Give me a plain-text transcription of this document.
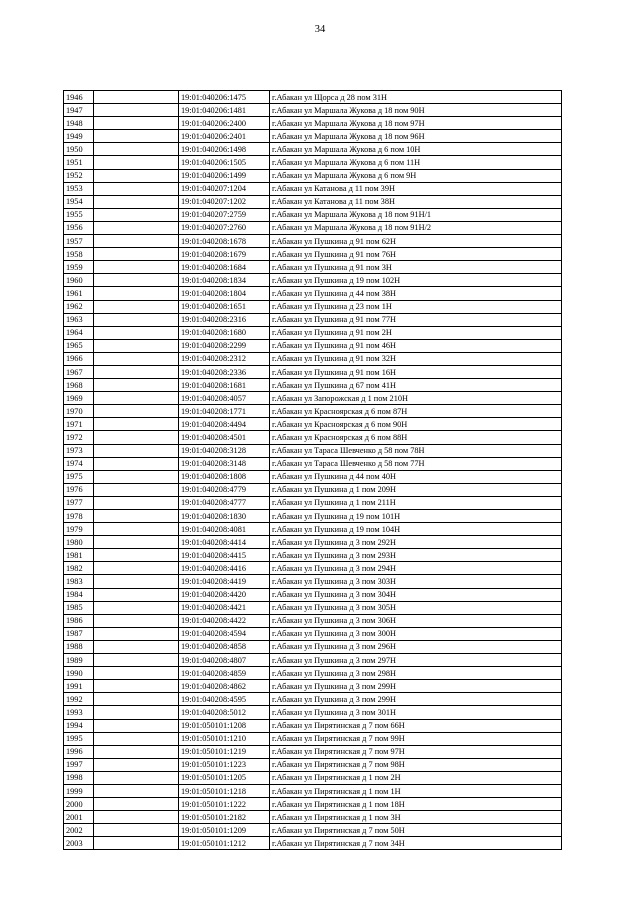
34
1946		19:01:040206:1475	г.Абакан ул Щорса д 28 пом 31Н
1947		19:01:040206:1481	г.Абакан ул Маршала Жукова д 18 пом 90Н
1948		19:01:040206:2400	г.Абакан ул Маршала Жукова д 18 пом 97Н
1949		19:01:040206:2401	г.Абакан ул Маршала Жукова д 18 пом 96Н
1950		19:01:040206:1498	г.Абакан ул Маршала Жукова д 6 пом 10Н
1951		19:01:040206:1505	г.Абакан ул Маршала Жукова д 6 пом 11Н
1952		19:01:040206:1499	г.Абакан ул Маршала Жукова д 6 пом 9Н
1953		19:01:040207:1204	г.Абакан ул Катанова д 11 пом 39Н
1954		19:01:040207:1202	г.Абакан ул Катанова д 11 пом 38Н
1955		19:01:040207:2759	г.Абакан ул Маршала Жукова д 18 пом 91Н/1
1956		19:01:040207:2760	г.Абакан ул Маршала Жукова д 18 пом 91Н/2
1957		19:01:040208:1678	г.Абакан ул Пушкина д 91 пом 62Н
1958		19:01:040208:1679	г.Абакан ул Пушкина д 91 пом 76Н
1959		19:01:040208:1684	г.Абакан ул Пушкина д 91 пом 3Н
1960		19:01:040208:1834	г.Абакан ул Пушкина д 19 пом 102Н
1961		19:01:040208:1804	г.Абакан ул Пушкина д 44 пом 38Н
1962		19:01:040208:1651	г.Абакан ул Пушкина д 23 пом 1Н
1963		19:01:040208:2316	г.Абакан ул Пушкина д 91 пом 77Н
1964		19:01:040208:1680	г.Абакан ул Пушкина д 91 пом 2Н
1965		19:01:040208:2299	г.Абакан ул Пушкина д 91 пом 46Н
1966		19:01:040208:2312	г.Абакан ул Пушкина д 91 пом 32Н
1967		19:01:040208:2336	г.Абакан ул Пушкина д 91 пом 16Н
1968		19:01:040208:1681	г.Абакан ул Пушкина д 67 пом 41Н
1969		19:01:040208:4057	г.Абакан ул Запорожская д 1 пом 210Н
1970		19:01:040208:1771	г.Абакан ул Красноярская д 6 пом 87Н
1971		19:01:040208:4494	г.Абакан ул Красноярская д 6 пом 90Н
1972		19:01:040208:4501	г.Абакан ул Красноярская д 6 пом 88Н
1973		19:01:040208:3128	г.Абакан ул Тараса Шевченко д 58 пом 78Н
1974		19:01:040208:3148	г.Абакан ул Тараса Шевченко д 58 пом 77Н
1975		19:01:040208:1808	г.Абакан ул Пушкина д 44 пом 40Н
1976		19:01:040208:4779	г.Абакан ул Пушкина д 1 пом 209Н
1977		19:01:040208:4777	г.Абакан ул Пушкина д 1 пом 211Н
1978		19:01:040208:1830	г.Абакан ул Пушкина д 19 пом 101Н
1979		19:01:040208:4081	г.Абакан ул Пушкина д 19 пом 104Н
1980		19:01:040208:4414	г.Абакан ул Пушкина д 3 пом 292Н
1981		19:01:040208:4415	г.Абакан ул Пушкина д 3 пом 293Н
1982		19:01:040208:4416	г.Абакан ул Пушкина д 3 пом 294Н
1983		19:01:040208:4419	г.Абакан ул Пушкина д 3 пом 303Н
1984		19:01:040208:4420	г.Абакан ул Пушкина д 3 пом 304Н
1985		19:01:040208:4421	г.Абакан ул Пушкина д 3 пом 305Н
1986		19:01:040208:4422	г.Абакан ул Пушкина д 3 пом 306Н
1987		19:01:040208:4594	г.Абакан ул Пушкина д 3 пом 300Н
1988		19:01:040208:4858	г.Абакан ул Пушкина д 3 пом 296Н
1989		19:01:040208:4807	г.Абакан ул Пушкина д 3 пом 297Н
1990		19:01:040208:4859	г.Абакан ул Пушкина д 3 пом 298Н
1991		19:01:040208:4862	г.Абакан ул Пушкина д 3 пом 299Н
1992		19:01:040208:4595	г.Абакан ул Пушкина д 3 пом 299Н
1993		19:01:040208:5012	г.Абакан ул Пушкина д 3 пом 301Н
1994		19:01:050101:1208	г.Абакан ул Пирятинская д 7 пом 66Н
1995		19:01:050101:1210	г.Абакан ул Пирятинская д 7 пом 99Н
1996		19:01:050101:1219	г.Абакан ул Пирятинская д 7 пом 97Н
1997		19:01:050101:1223	г.Абакан ул Пирятинская д 7 пом 98Н
1998		19:01:050101:1205	г.Абакан ул Пирятинская д 1 пом 2Н
1999		19:01:050101:1218	г.Абакан ул Пирятинская д 1 пом 1Н
2000		19:01:050101:1222	г.Абакан ул Пирятинская д 1 пом 18Н
2001		19:01:050101:2182	г.Абакан ул Пирятинская д 1 пом 3Н
2002		19:01:050101:1209	г.Абакан ул Пирятинская д 7 пом 50Н
2003		19:01:050101:1212	г.Абакан ул Пирятинская д 7 пом 34Н
